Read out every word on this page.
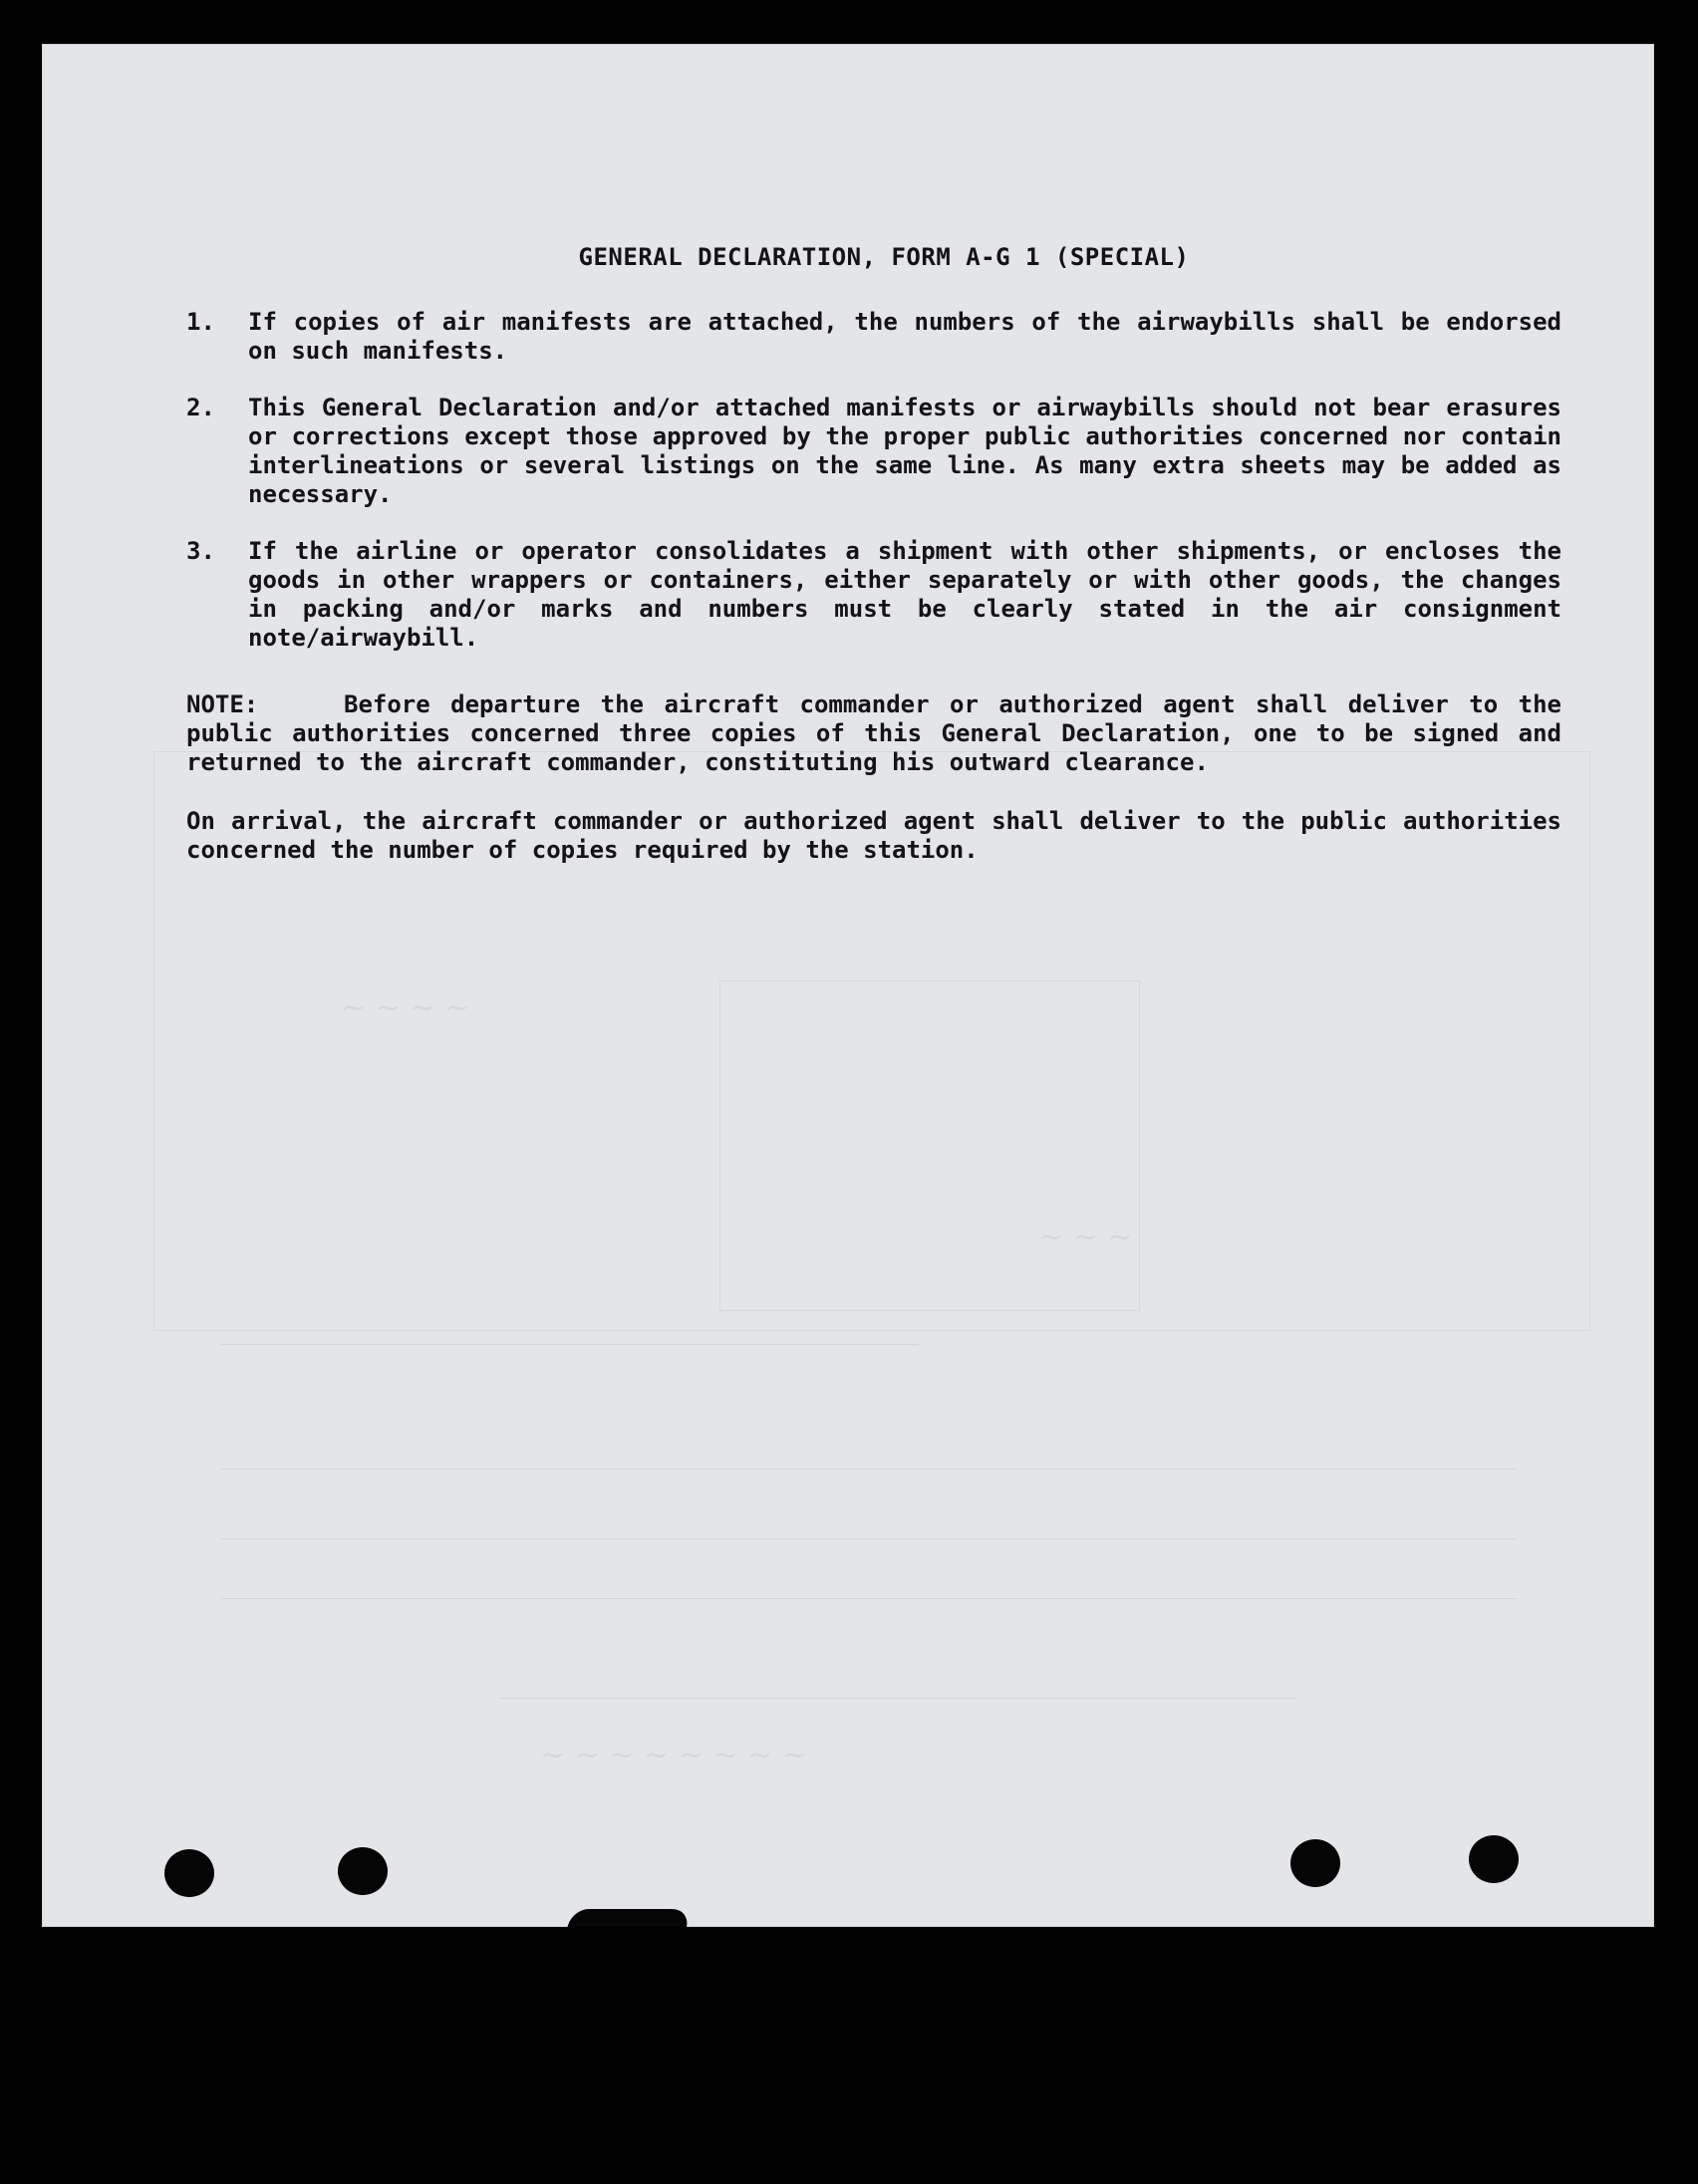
~ ~ ~ ~
~ ~ ~
~ ~ ~ ~ ~ ~ ~ ~
GENERAL DECLARATION, FORM A-G 1 (SPECIAL)
1.	If copies of air manifests are attached, the numbers of the airwaybills shall be endorsed on such manifests.
2.	This General Declaration and/or attached manifests or airwaybills should not bear erasures or corrections except those approved by the proper public authorities concerned nor contain interlineations or several listings on the same line. As many extra sheets may be added as necessary.
3.	If the airline or operator consolidates a shipment with other shipments, or encloses the goods in other wrappers or containers, either separately or with other goods, the changes in packing and/or marks and numbers must be clearly stated in the air consignment note/airwaybill.
NOTE:	Before departure the aircraft commander or authorized agent shall deliver to the public authorities concerned three copies of this General Declaration, one to be signed and returned to the aircraft commander, constituting his outward clearance.
On arrival, the aircraft commander or authorized agent shall deliver to the public authorities concerned the number of copies required by the station.
